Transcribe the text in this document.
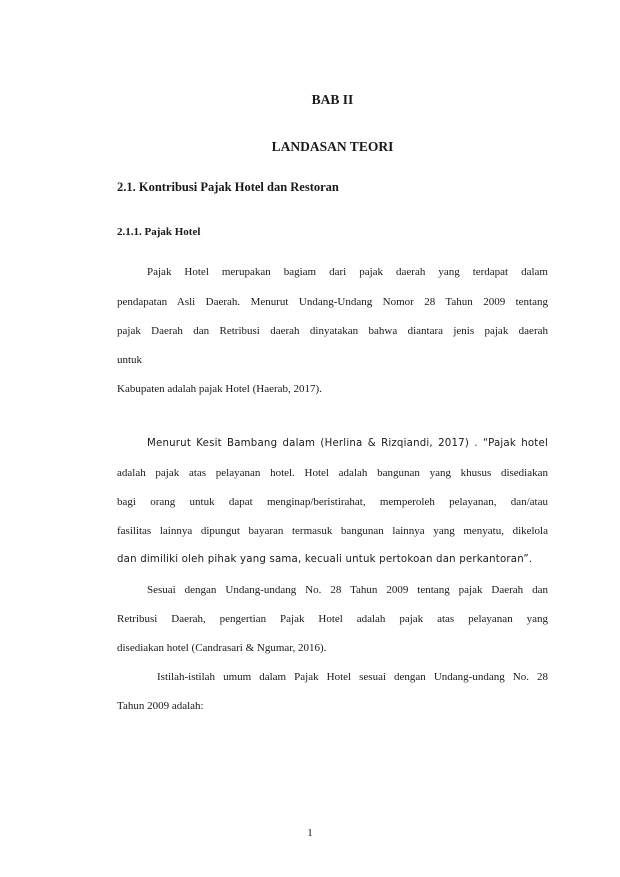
BAB II

LANDASAN TEORI

2.1. Kontribusi Pajak Hotel dan Restoran

2.1.1. Pajak Hotel

Pajak Hotel merupakan bagiam dari pajak daerah yang terdapat dalam

pendapatan Asli Daerah. Menurut Undang-Undang Nomor 28 Tahun 2009 tentang

pajak Daerah dan Retribusi daerah dinyatakan bahwa diantara jenis pajak daerah

untuk

Kabupaten adalah pajak Hotel (Haerab, 2017).

Menurut Kesit Bambang dalam (Herlina & Rizqiandi, 2017) . “Pajak hotel

adalah pajak atas pelayanan hotel. Hotel adalah bangunan yang khusus disediakan

bagi orang untuk dapat menginap/beristirahat, memperoleh pelayanan, dan/atau

fasilitas lainnya dipungut bayaran termasuk bangunan lainnya yang menyatu, dikelola

dan dimiliki oleh pihak yang sama, kecuali untuk pertokoan dan perkantoran”.

Sesuai dengan Undang-undang No. 28 Tahun 2009 tentang pajak Daerah dan

Retribusi Daerah, pengertian Pajak Hotel adalah pajak atas pelayanan yang

disediakan hotel (Candrasari & Ngumar, 2016).

Istilah-istilah umum dalam Pajak Hotel sesuai dengan Undang-undang No. 28

Tahun 2009 adalah:

1
